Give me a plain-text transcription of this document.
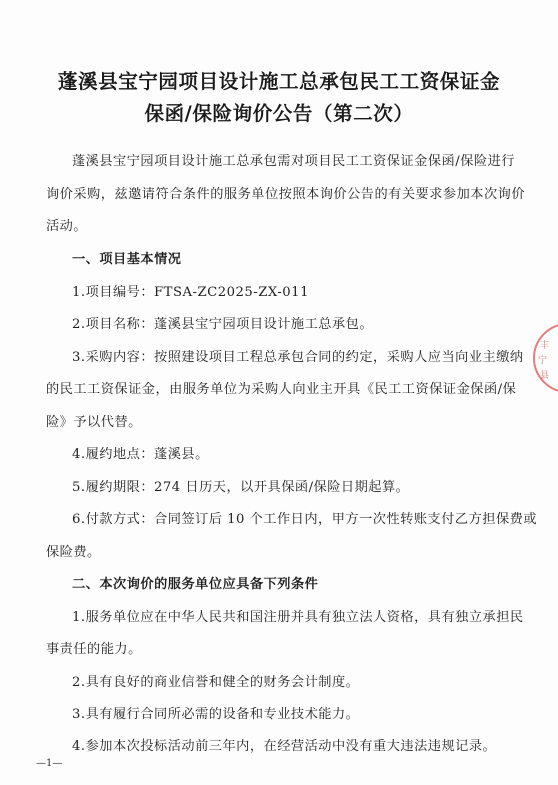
蓬溪县宝宁园项目设计施工总承包民工工资保证金
保函/保险询价公告（第二次）

蓬溪县宝宁园项目设计施工总承包需对项目民工工资保证金保函/保险进行

询价采购，兹邀请符合条件的服务单位按照本询价公告的有关要求参加本次询价

活动。

一、项目基本情况

1.项目编号：FTSA-ZC2025-ZX-011

2.项目名称：蓬溪县宝宁园项目设计施工总承包。

3.采购内容：按照建设项目工程总承包合同的约定，采购人应当向业主缴纳

的民工工资保证金，由服务单位为采购人向业主开具《民工工资保证金保函/保

险》予以代替。

4.履约地点：蓬溪县。

5.履约期限：274 日历天，以开具保函/保险日期起算。

6.付款方式：合同签订后 10 个工作日内，甲方一次性转账支付乙方担保费或

保险费。

二、本次询价的服务单位应具备下列条件

1.服务单位应在中华人民共和国注册并具有独立法人资格，具有独立承担民

事责任的能力。

2.具有良好的商业信誉和健全的财务会计制度。

3.具有履行合同所必需的设备和专业技术能力。

4.参加本次投标活动前三年内，在经营活动中没有重大违法违规记录。

—1—
丰
宁
县
